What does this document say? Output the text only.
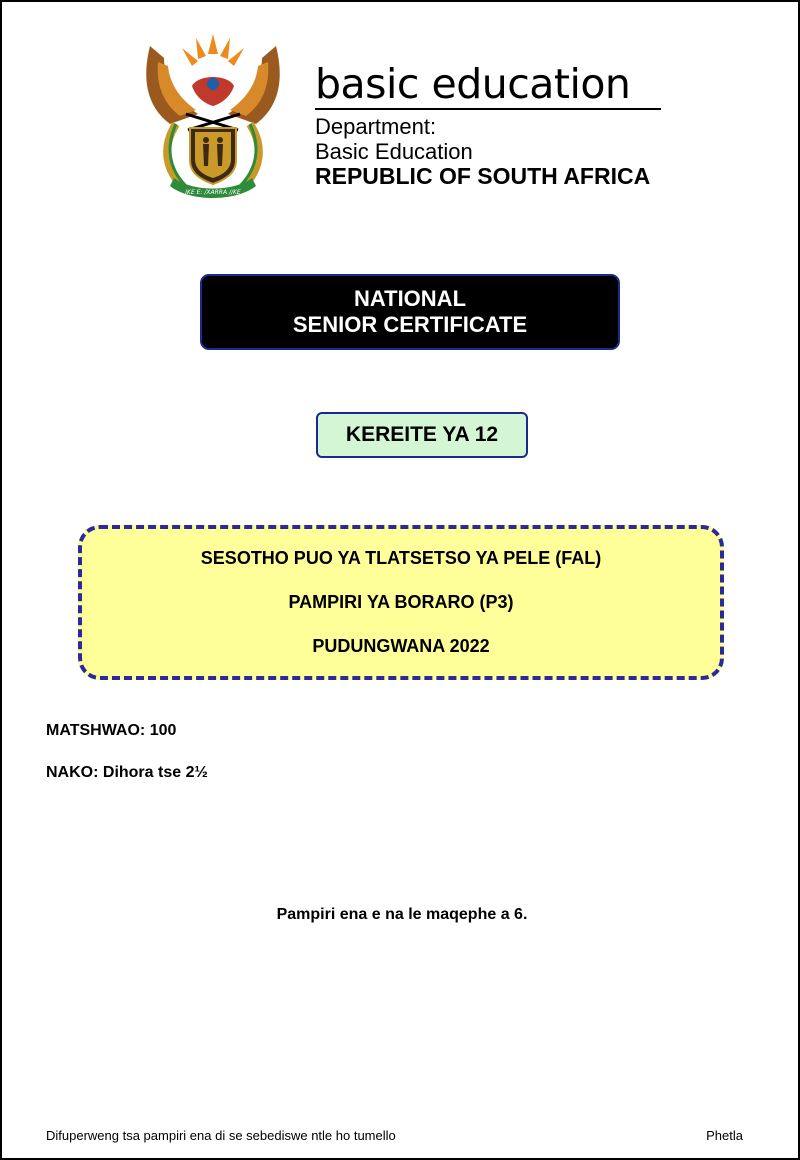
IKE E: /XARRA //KE
basic education
Department:
Basic Education
REPUBLIC OF SOUTH AFRICA
NATIONAL
SENIOR CERTIFICATE
KEREITE YA 12
SESOTHO PUO YA TLATSETSO YA PELE (FAL)
PAMPIRI YA BORARO (P3)
PUDUNGWANA 2022
MATSHWAO: 100
NAKO: Dihora tse 2½
Pampiri ena e na le maqephe a 6.
Difuperweng tsa pampiri ena di se sebediswe ntle ho tumello	Phetla
